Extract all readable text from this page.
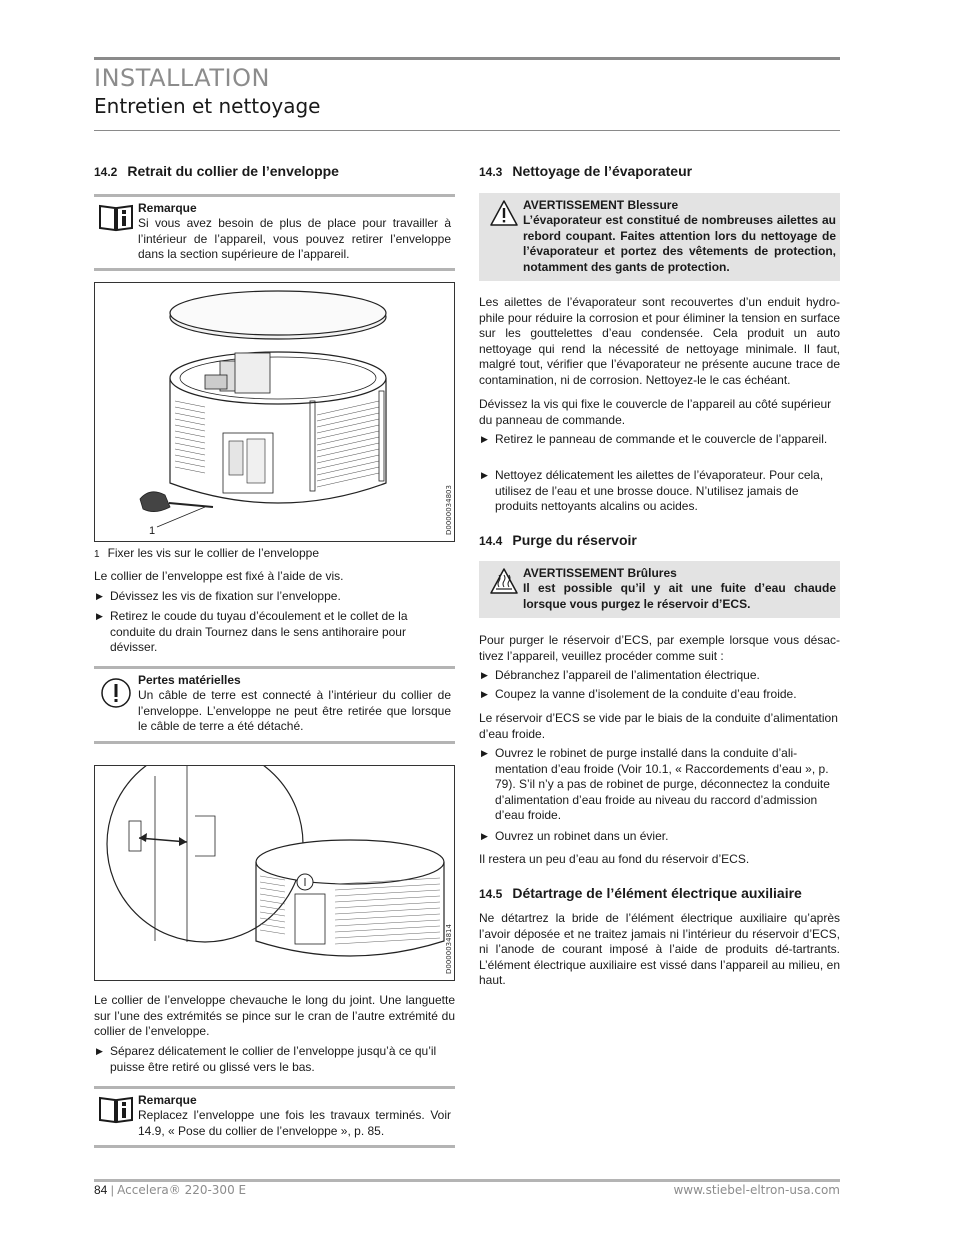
INSTALLATION
Entretien et nettoyage
14.2 Retrait du collier de l’enveloppe
Remarque
Si vous avez besoin de plus de place pour travailler à l’intérieur de l’appareil, vous pouvez retirer l’enveloppe dans la section supérieure de l’appareil.
1	D0000034803
1 Fixer les vis sur le collier de l’enveloppe
Le collier de l’enveloppe est fixé à l’aide de vis.
▶ Dévissez les vis de fixation sur l’enveloppe.
▶ Retirez le coude du tuyau d’écoulement et le collet de la conduite du drain Tournez dans le sens antihoraire pour dévisser.
Pertes matérielles
Un câble de terre est connecté à l’intérieur du collier de l’enveloppe. L’enveloppe ne peut être retirée que lorsque le câble de terre a été détaché.
D0000034814
Le collier de l’enveloppe chevauche le long du joint. Une languette sur l’une des extrémités se pince sur le cran de l’autre extrémité du collier de l’enveloppe.
▶ Séparez délicatement le collier de l’enveloppe jusqu’à ce qu’il puisse être retiré ou glissé vers le bas.
Remarque
Replacez l’enveloppe une fois les travaux terminés. Voir 14.9, « Pose du collier de l’enveloppe », p. 85.
14.3 Nettoyage de l’évaporateur
AVERTISSEMENT Blessure
L’évaporateur est constitué de nombreuses ailettes au rebord coupant. Faites attention lors du nettoyage de l’évaporateur et portez des vêtements de protection, notamment des gants de protection.
Les ailettes de l’évaporateur sont recouvertes d’un enduit hydro-phile pour réduire la corrosion et pour éliminer la tension en surface sur les gouttelettes d’eau condensée. Cela produit un auto nettoyage qui rend la nécessité de nettoyage minimale. Il faut, malgré tout, vérifier que l’évaporateur ne présente aucune trace de contamination, ni de corrosion. Nettoyez-le le cas échéant.
Dévissez la vis qui fixe le couvercle de l’appareil au côté supérieur du panneau de commande.
▶ Retirez le panneau de commande et le couvercle de l’appareil.
▶ Nettoyez délicatement les ailettes de l’évaporateur. Pour cela, utilisez de l’eau et une brosse douce. N’utilisez jamais de produits nettoyants alcalins ou acides.
14.4 Purge du réservoir
AVERTISSEMENT Brûlures
Il est possible qu’il y ait une fuite d’eau chaude lorsque vous purgez le réservoir d’ECS.
Pour purger le réservoir d’ECS, par exemple lorsque vous désac-tivez l’appareil, veuillez procéder comme suit :
▶ Débranchez l’appareil de l’alimentation électrique.
▶ Coupez la vanne d’isolement de la conduite d’eau froide.
Le réservoir d’ECS se vide par le biais de la conduite d’alimentation d’eau froide.
▶ Ouvrez le robinet de purge installé dans la conduite d’ali-mentation d’eau froide (Voir 10.1, « Raccordements d’eau », p. 79). S’il n’y a pas de robinet de purge, déconnectez la conduite d’alimentation d’eau froide au niveau du raccord d’admission d’eau froide.
▶ Ouvrez un robinet dans un évier.
Il restera un peu d’eau au fond du réservoir d’ECS.
14.5 Détartrage de l’élément électrique auxiliaire
Ne détartrez la bride de l’élément électrique auxiliaire qu’après l’avoir déposée et ne traitez jamais ni l’intérieur du réservoir d’ECS, ni l’anode de courant imposé à l’aide de produits dé-tartrants. L’élément électrique auxiliaire est vissé dans l’appareil au milieu, en haut.
84 | Accelera® 220-300 E	www.stiebel-eltron-usa.com
